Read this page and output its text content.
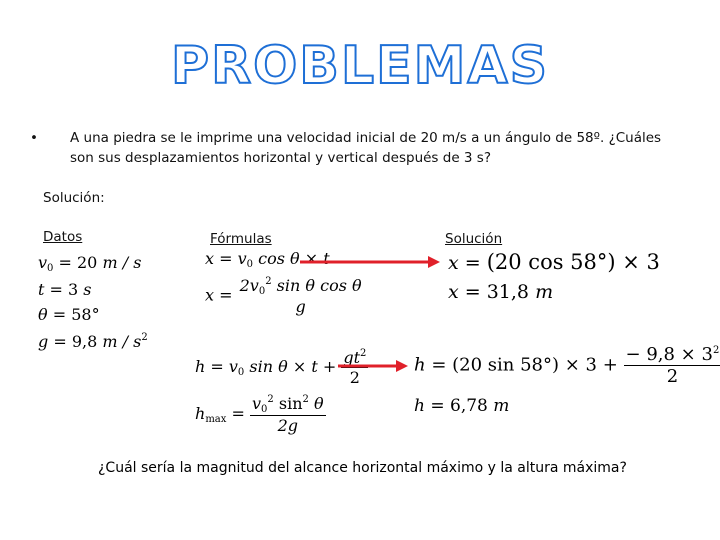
PROBLEMAS
• A una piedra se le imprime una velocidad inicial de 20 m/s a un ángulo de 58º. ¿Cuáles son sus desplazamientos horizontal y vertical después de 3 s?
Solución:
Datos	Fórmulas	Solución
$v_0 = 20$ m / s
t = 3 s
θ = 58°
g = 9,8 m / $s^2$
$x = v_0$ cos θ × t
$x = 2v_0^2$ sin θ cos θ
g
$h = v_0$ $\sin \theta \times t + \frac{gt^2}{2}$
$h_{max} = \frac{v_0^2 \sin^2 \theta}{2g}$
x = (20 cos 58°) × 3
x = 31,8 m
h = (20 $\sin 58^\circ) \times 3 + \frac{- 9,8 \times 3^2}{2}$
h = 6,78 m
¿Cuál sería la magnitud del alcance horizontal máximo y la altura máxima?
